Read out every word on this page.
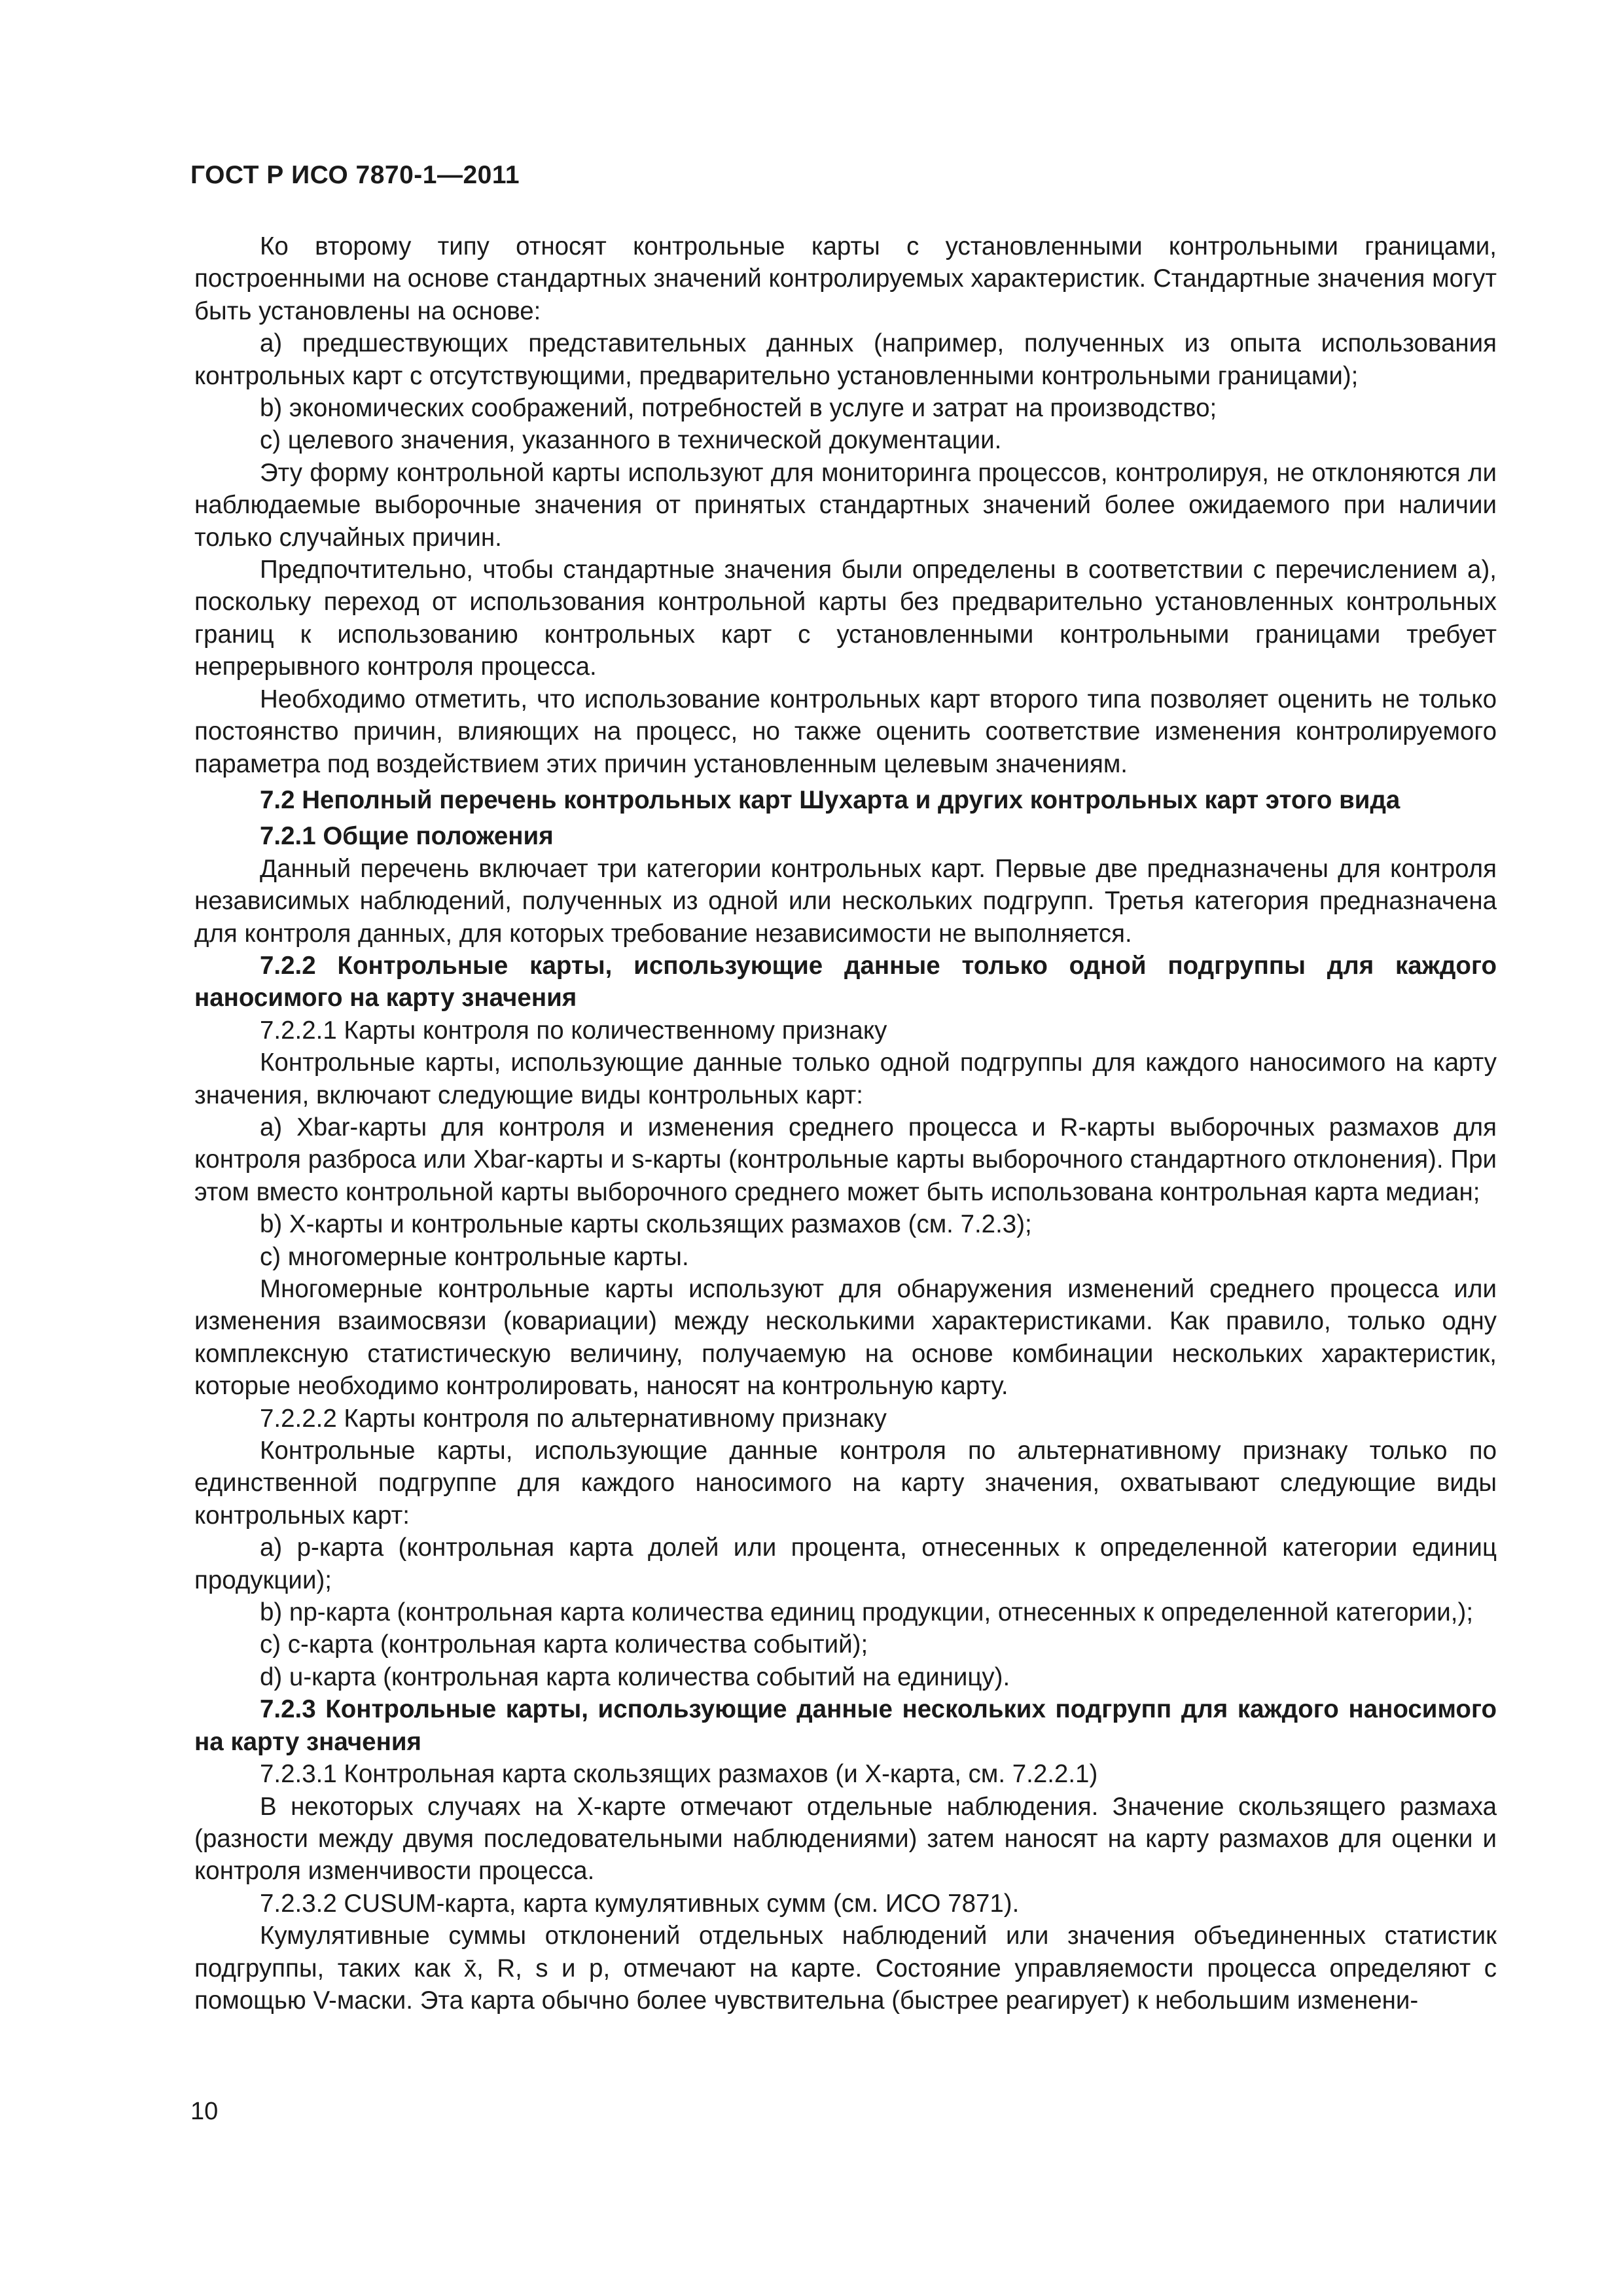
ГОСТ Р ИСО 7870-1—2011

Ко второму типу относят контрольные карты с установленными контрольными границами, построенными на основе стандартных значений контролируемых характеристик. Стандартные значения могут быть установлены на основе:

a) предшествующих представительных данных (например, полученных из опыта использования контрольных карт с отсутствующими, предварительно установленными контрольными границами);

b) экономических соображений, потребностей в услуге и затрат на производство;

c) целевого значения, указанного в технической документации.

Эту форму контрольной карты используют для мониторинга процессов, контролируя, не отклоняются ли наблюдаемые выборочные значения от принятых стандартных значений более ожидаемого при наличии только случайных причин.

Предпочтительно, чтобы стандартные значения были определены в соответствии с перечислением a), поскольку переход от использования контрольной карты без предварительно установленных контрольных границ к использованию контрольных карт с установленными контрольными границами требует непрерывного контроля процесса.

Необходимо отметить, что использование контрольных карт второго типа позволяет оценить не только постоянство причин, влияющих на процесс, но также оценить соответствие изменения контролируемого параметра под воздействием этих причин установленным целевым значениям.

7.2 Неполный перечень контрольных карт Шухарта и других контрольных карт этого вида

7.2.1 Общие положения

Данный перечень включает три категории контрольных карт. Первые две предназначены для контроля независимых наблюдений, полученных из одной или нескольких подгрупп. Третья категория предназначена для контроля данных, для которых требование независимости не выполняется.

7.2.2 Контрольные карты, использующие данные только одной подгруппы для каждого наносимого на карту значения

7.2.2.1 Карты контроля по количественному признаку

Контрольные карты, использующие данные только одной подгруппы для каждого наносимого на карту значения, включают следующие виды контрольных карт:

a) Xbar-карты для контроля и изменения среднего процесса и R-карты выборочных размахов для контроля разброса или Xbar-карты и s-карты (контрольные карты выборочного стандартного отклонения). При этом вместо контрольной карты выборочного среднего может быть использована контрольная карта медиан;

b) X-карты и контрольные карты скользящих размахов (см. 7.2.3);

c) многомерные контрольные карты.

Многомерные контрольные карты используют для обнаружения изменений среднего процесса или изменения взаимосвязи (ковариации) между несколькими характеристиками. Как правило, только одну комплексную статистическую величину, получаемую на основе комбинации нескольких характеристик, которые необходимо контролировать, наносят на контрольную карту.

7.2.2.2 Карты контроля по альтернативному признаку

Контрольные карты, использующие данные контроля по альтернативному признаку только по единственной подгруппе для каждого наносимого на карту значения, охватывают следующие виды контрольных карт:

a) p-карта (контрольная карта долей или процента, отнесенных к определенной категории единиц продукции);

b) np-карта (контрольная карта количества единиц продукции, отнесенных к определенной категории,);

c) c-карта (контрольная карта количества событий);

d) u-карта (контрольная карта количества событий на единицу).

7.2.3 Контрольные карты, использующие данные нескольких подгрупп для каждого наносимого на карту значения

7.2.3.1 Контрольная карта скользящих размахов (и X-карта, см. 7.2.2.1)

В некоторых случаях на X-карте отмечают отдельные наблюдения. Значение скользящего размаха (разности между двумя последовательными наблюдениями) затем наносят на карту размахов для оценки и контроля изменчивости процесса.

7.2.3.2 CUSUM-карта, карта кумулятивных сумм (см. ИСО 7871).

Кумулятивные суммы отклонений отдельных наблюдений или значения объединенных статистик подгруппы, таких как x̄, R, s и p, отмечают на карте. Состояние управляемости процесса определяют с помощью V-маски. Эта карта обычно более чувствительна (быстрее реагирует) к небольшим изменени-

10
